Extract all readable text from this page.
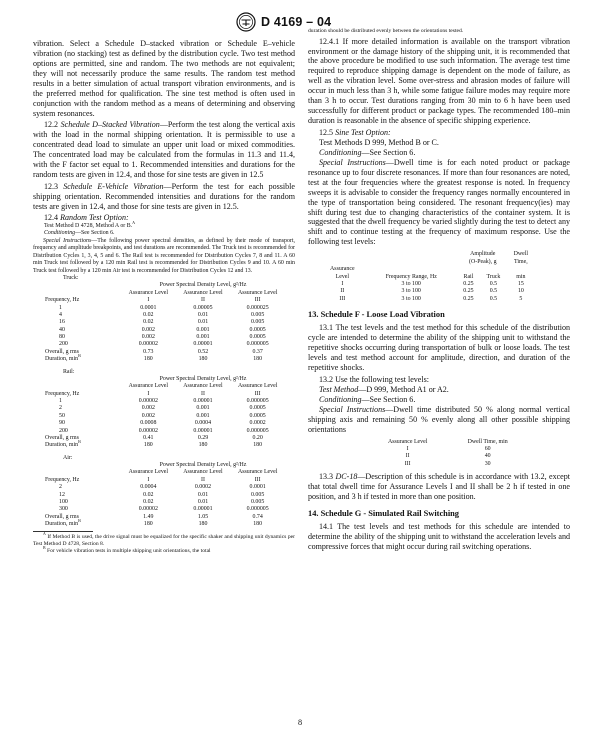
D 4169 – 04

vibration. Select a Schedule D–stacked vibration or Schedule E–vehicle vibration (no stacking) test as defined by the distribution cycle. Two test method options are permitted, sine and random. The two methods are not equivalent; they will not necessarily produce the same results. The random test method results in a better simulation of actual transport vibration environments, and is the preferred method for qualification. The sine test method is often used in conjunction with the random method as a means of determining and observing system resonances.

12.2 Schedule D–Stacked Vibration—Perform the test along the vertical axis with the load in the normal shipping orientation. It is permissible to use a concentrated dead load to simulate an upper unit load or mixed commodities. The concentrated load may be calculated from the formulas in 11.3 and 11.4, with the F factor set equal to 1. Recommended intensities and durations for the random tests are given in 12.4, and those for sine tests are given in 12.5

12.3 Schedule E-Vehicle Vibration—Perform the test for each possible shipping orientation. Recommended intensities and durations for the random tests are given in 12.4, and those for sine tests are given in 12.5.

12.4 Random Test Option:

Test Method D 4728, Method A or B.$^A$

Conditioning—See Section 6.

Special Instructions—The following power spectral densities, as defined by their mode of transport, frequency and amplitude breakpoints, and test durations are recommended. The Truck test is recommended for Distribution Cycles 1, 3, 4, 5 and 6. The Rail test is recommended for Distribution Cycles 7, 8 and 11. A 60 min Truck test followed by a 120 min Rail test is recommended for Distribution Cycles 9 and 10. A 60 min Truck test followed by a 120 min Air test is recommended for Distribution Cycles 12 and 13.

Truck:			
	Power Spectral Density Level, g²/Hz		
	Assurance Level	Assurance Level	Assurance Level
Frequency, Hz	I	II	III
1	0.0001	0.00005	0.000025
4	0.02	0.01	0.005
16	0.02	0.01	0.005
40	0.002	0.001	0.0005
80	0.002	0.001	0.0005
200	0.00002	0.00001	0.000005
Overall, g rms	0.73	0.52	0.37
Duration, $\min^B$	180	180	180
Rail:			
	Power Spectral Density Level, g²/Hz		
	Assurance Level	Assurance Level	Assurance Level
Frequency, Hz	I	II	III
1	0.00002	0.00001	0.000005
2	0.002	0.001	0.0005
50	0.002	0.001	0.0005
90	0.0008	0.0004	0.0002
200	0.00002	0.00001	0.000005
Overall, g rms	0.41	0.29	0.20
Duration, $\min^B$	180	180	180
Air:			
	Power Spectral Density Level, g²/Hz		
	Assurance Level	Assurance Level	Assurance Level
Frequency, Hz	I	II	III
2	0.0004	0.0002	0.0001
12	0.02	0.01	0.005
100	0.02	0.01	0.005
300	0.00002	0.00001	0.000005
Overall, g rms	1.49	1.05	0.74
Duration, $\min^B$	180	180	180

$^A$ If Method B is used, the drive signal must be equalized for the specific shaker and shipping unit dynamics per Test Method D 4728, Section 8.

$^B$ For vehicle vibration tests in multiple shipping unit orientations, the total

duration should be distributed evenly between the orientations tested.

12.4.1 If more detailed information is available on the transport vibration environment or the damage history of the shipping unit, it is recommended that the above procedure be modified to use such information. The average test time required to reproduce shipping damage is dependent on the mode of failure, as well as the vibration level. Some over-stress and abrasion modes of failure will occur in much less than 3 h, while some fatigue failure modes may require more than 3 h to occur. Test durations ranging from 30 min to 6 h have been used successfully for different product or package types. The recommended 180–min duration is reasonable in the absence of specific shipping experience.

12.5 Sine Test Option:

Test Methods D 999, Method B or C.

Conditioning—See Section 6.

Special Instructions—Dwell time is for each noted product or package resonance up to four discrete resonances. If more than four resonances are noted, test at the four frequencies where the greatest response is noted. In frequency sweeps it is advisable to consider the frequency ranges normally encountered in the type of transportation being considered. The resonant frequency(ies) may shift during test due to changing characteristics of the container system. It is suggested that the dwell frequency be varied slightly during the test to detect any shift and to continue testing at the frequency of maximum response. Use the following test levels:

		Amplitude		Dwell
		(O-Peak), g		Time,
Assurance				
Level	Frequency Range, Hz	Rail	Truck	min
I	3 to 100	0.25	0.5	15
II	3 to 100	0.25	0.5	10
III	3 to 100	0.25	0.5	5
13. Schedule F - Loose Load Vibration

13.1 The test levels and the test method for this schedule of the distribution cycle are intended to determine the ability of the shipping unit to withstand the repetitive shocks occurring during transportation of bulk or loose loads. The test levels and test method account for amplitude, direction, and duration of the repetitive shocks.

13.2 Use the following test levels:

Test Method—D 999, Method A1 or A2.

Conditioning—See Section 6.

Special Instructions—Dwell time distributed 50 % along normal vertical shipping axis and remaining 50 % evenly along all other possible shipping orientations

Assurance Level	Dwell Time, min
I	60
II	40
III	30

13.3 DC-18—Description of this schedule is in accordance with 13.2, except that total dwell time for Assurance Levels I and II shall be 2 h if tested in one position, and 3 h if tested in more than one position.

14. Schedule G - Simulated Rail Switching

14.1 The test levels and test methods for this schedule are intended to determine the ability of the shipping unit to withstand the acceleration levels and compressive forces that might occur during rail switching operations.

8
